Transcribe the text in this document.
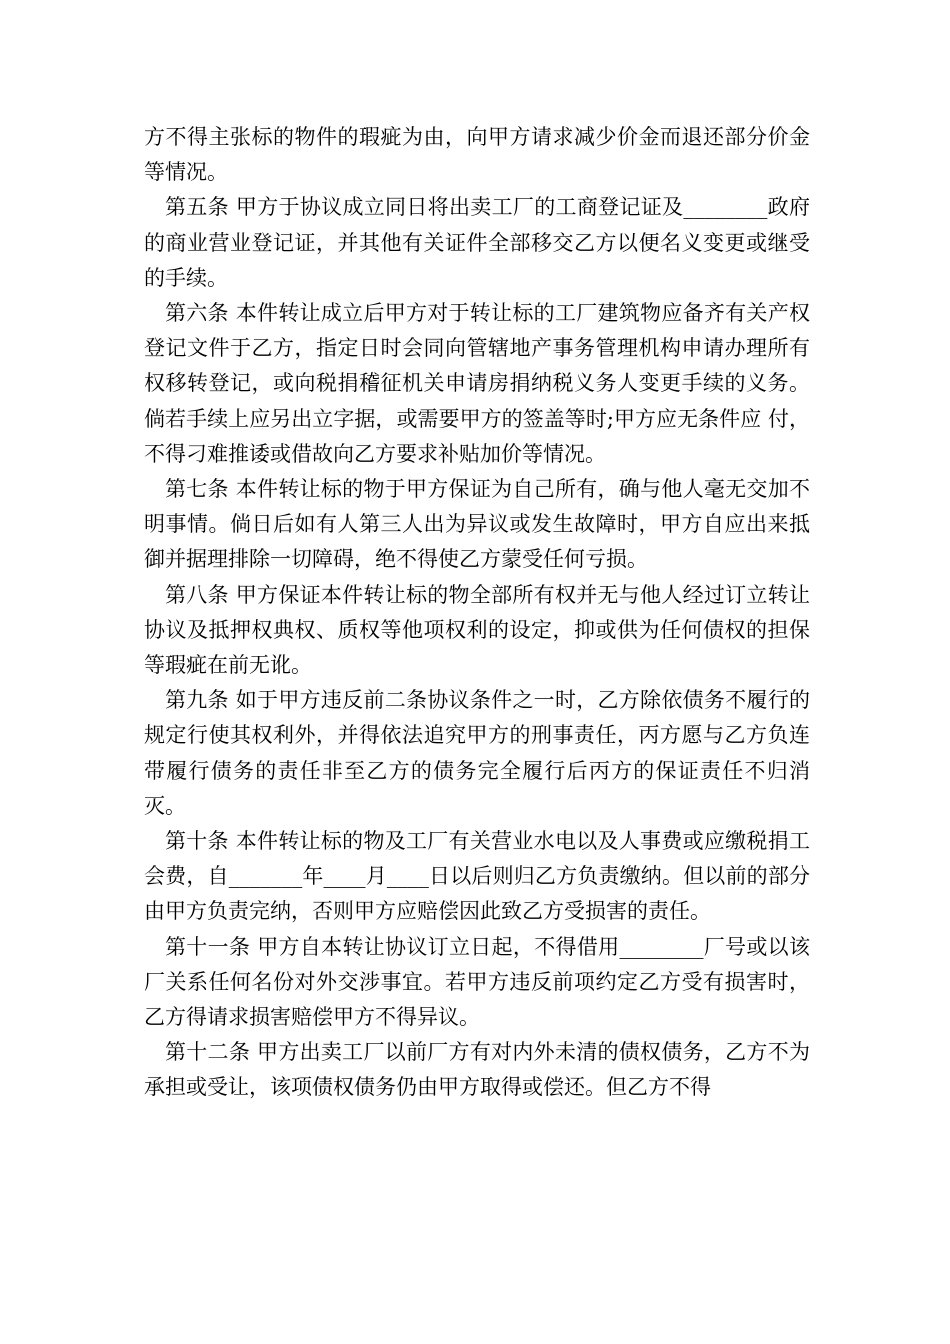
方不得主张标的物件的瑕疵为由，向甲方请求减少价金而退还部分价金等情况。

第五条 甲方于协议成立同日将出卖工厂的工商登记证及________政府的商业营业登记证，并其他有关证件全部移交乙方以便名义变更或继受的手续。

第六条 本件转让成立后甲方对于转让标的工厂建筑物应备齐有关产权登记文件于乙方，指定日时会同向管辖地产事务管理机构申请办理所有权移转登记，或向税捐稽征机关申请房捐纳税义务人变更手续的义务。倘若手续上应另出立字据，或需要甲方的签盖等时;甲方应无条件应 付，不得刁难推诿或借故向乙方要求补贴加价等情况。

第七条 本件转让标的物于甲方保证为自己所有，确与他人毫无交加不明事情。倘日后如有人第三人出为异议或发生故障时，甲方自应出来抵御并据理排除一切障碍，绝不得使乙方蒙受任何亏损。

第八条 甲方保证本件转让标的物全部所有权并无与他人经过订立转让协议及抵押权典权、质权等他项权利的设定，抑或供为任何债权的担保等瑕疵在前无讹。

第九条 如于甲方违反前二条协议条件之一时，乙方除依债务不履行的规定行使其权利外，并得依法追究甲方的刑事责任，丙方愿与乙方负连带履行债务的责任非至乙方的债务完全履行后丙方的保证责任不归消灭。

第十条 本件转让标的物及工厂有关营业水电以及人事费或应缴税捐工会费，自_______年____月____日以后则归乙方负责缴纳。但以前的部分由甲方负责完纳，否则甲方应赔偿因此致乙方受损害的责任。

第十一条 甲方自本转让协议订立日起，不得借用________厂号或以该厂关系任何名份对外交涉事宜。若甲方违反前项约定乙方受有损害时，乙方得请求损害赔偿甲方不得异议。

第十二条 甲方出卖工厂以前厂方有对内外未清的债权债务，乙方不为承担或受让，该项债权债务仍由甲方取得或偿还。但乙方不得
